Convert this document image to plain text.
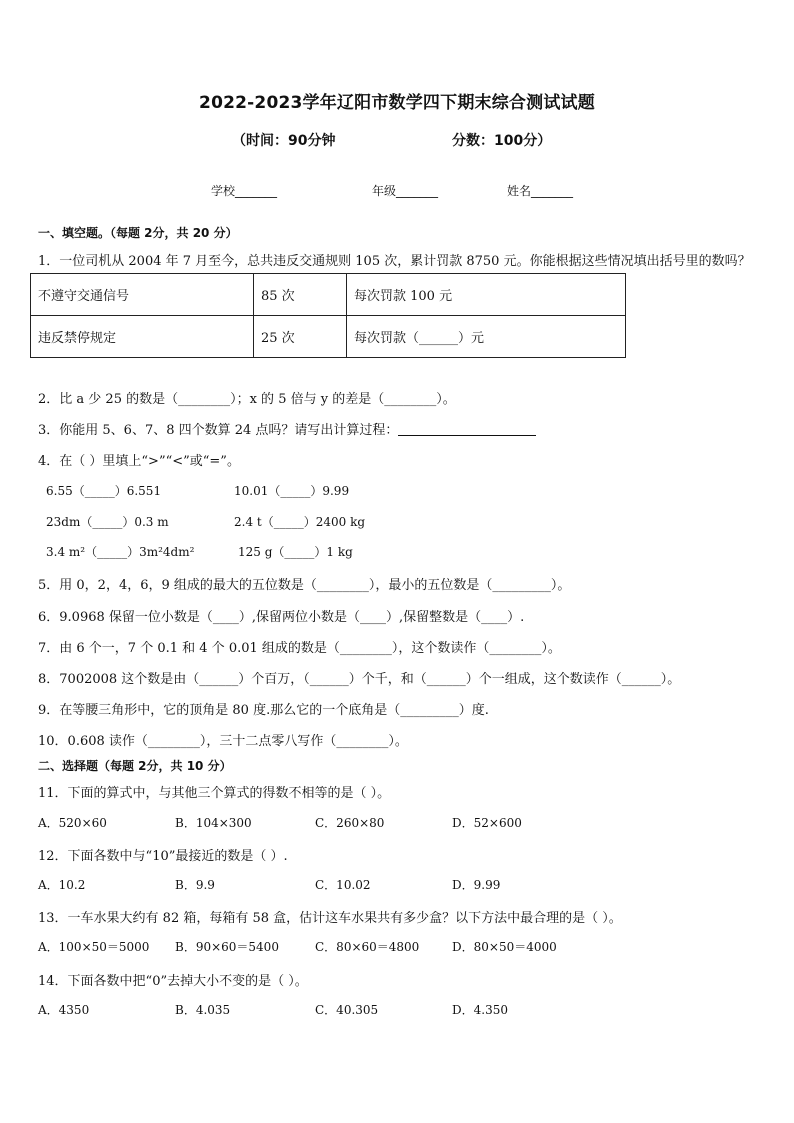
2022-2023学年辽阳市数学四下期末综合测试试题
（时间：90分钟	分数：100分）
学校_______	年级_______	姓名_______
一、填空题。（每题 2分，共 20 分）
1．一位司机从 2004 年 7 月至今，总共违反交通规则 105 次，累计罚款 8750 元。你能根据这些情况填出括号里的数吗？
不遵守交通信号	85 次	每次罚款 100 元
违反禁停规定	25 次	每次罚款（______）元
2．比 a 少 25 的数是（________）；x 的 5 倍与 y 的差是（________）。
3．你能用 5、6、7、8 四个数算 24 点吗？请写出计算过程：
4．在（ ）里填上“>”“<”或“=”。
6.55（_____）6.551	10.01（_____）9.99
23dm（_____）0.3 m	2.4 t（_____）2400 kg
3.4 m²（_____）3m²4dm²	125 g（_____）1 kg
5．用 0，2，4，6，9 组成的最大的五位数是（________），最小的五位数是（_________）。
6．9.0968 保留一位小数是（____）,保留两位小数是（____）,保留整数是（____）.
7．由 6 个一，7 个 0.1 和 4 个 0.01 组成的数是（________），这个数读作（________）。
8．7002008 这个数是由（______）个百万，（______）个千，和（______）个一组成，这个数读作（______）。
9．在等腰三角形中，它的顶角是 80 度.那么它的一个底角是（_________）度.
10．0.608 读作（________），三十二点零八写作（________）。
二、选择题（每题 2分，共 10 分）
11．下面的算式中，与其他三个算式的得数不相等的是（ ）。
A．520×60	B．104×300	C．260×80	D．52×600
12．下面各数中与“10”最接近的数是（ ）.
A．10.2	B．9.9	C．10.02	D．9.99
13．一车水果大约有 82 箱，每箱有 58 盒，估计这车水果共有多少盒？以下方法中最合理的是（ ）。
A．100×50＝5000 B．90×60＝5400	C．80×60＝4800	D．80×50＝4000
14．下面各数中把“0”去掉大小不变的是（ ）。
A．4350	B．4.035	C．40.305	D．4.350
